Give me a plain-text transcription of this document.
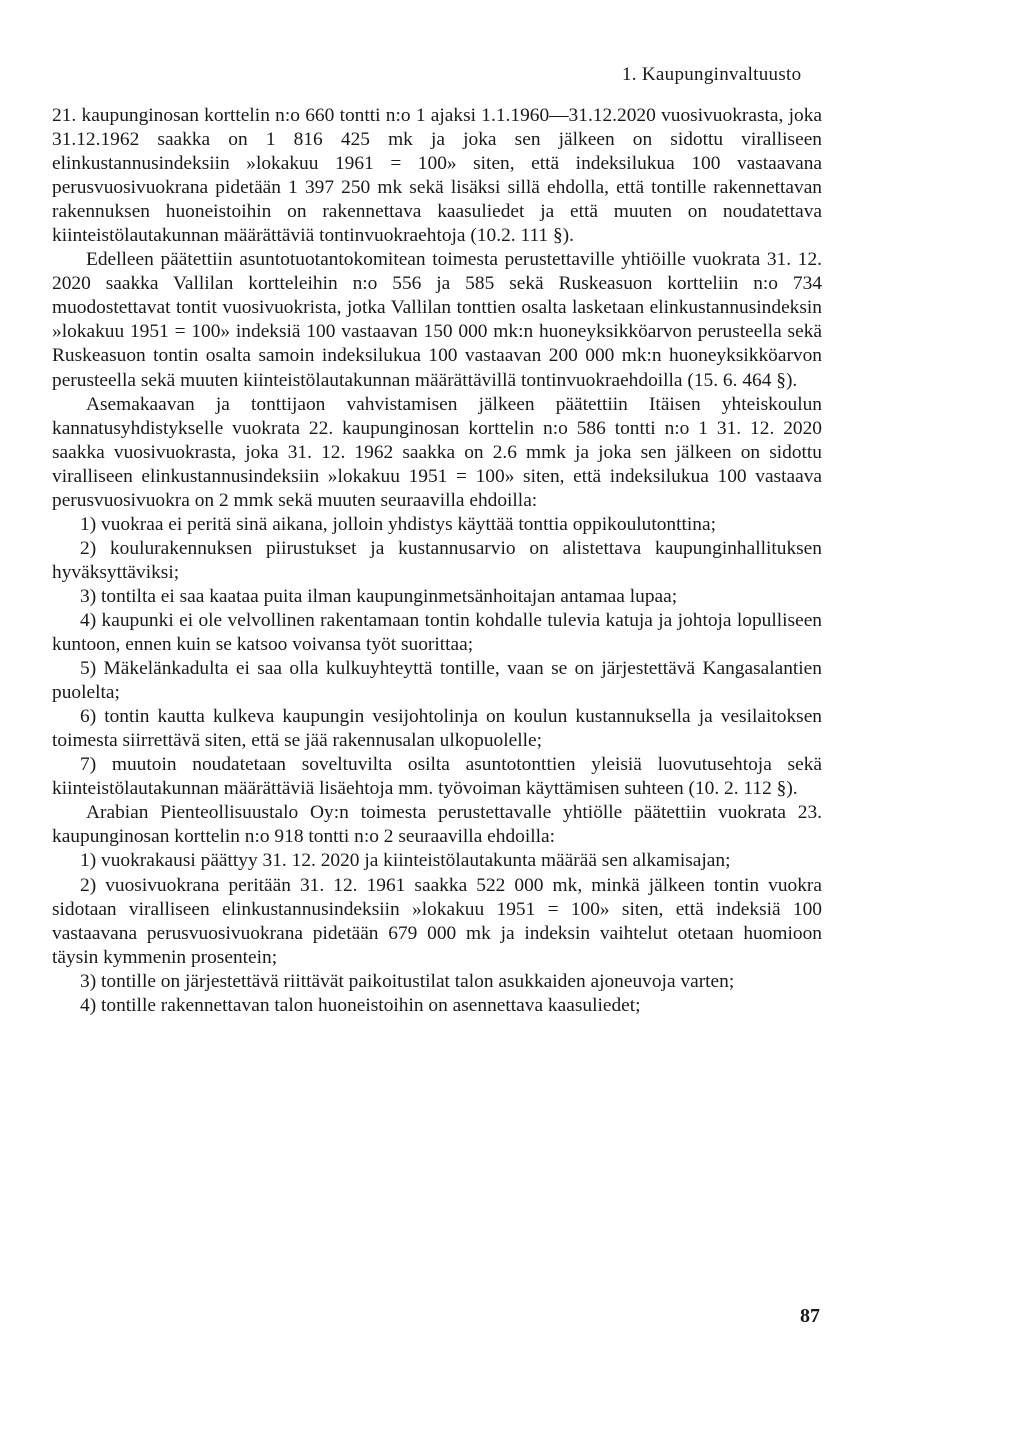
1. Kaupunginvaltuusto

21. kaupunginosan korttelin n:o 660 tontti n:o 1 ajaksi 1.1.1960—31.12.2020 vuosivuokrasta, joka 31.12.1962 saakka on 1 816 425 mk ja joka sen jälkeen on sidottu viralliseen elinkustannusindeksiin »lokakuu 1961 = 100» siten, että indeksilukua 100 vastaavana perusvuosivuokrana pidetään 1 397 250 mk sekä lisäksi sillä ehdolla, että tontille rakennettavan rakennuksen huoneistoihin on rakennettava kaasuliedet ja että muuten on noudatettava kiinteistölautakunnan määrättäviä tontinvuokraehtoja (10.2. 111 §).

Edelleen päätettiin asuntotuotantokomitean toimesta perustettaville yhtiöille vuokrata 31. 12. 2020 saakka Vallilan kortteleihin n:o 556 ja 585 sekä Ruskeasuon kortteliin n:o 734 muodostettavat tontit vuosivuokrista, jotka Vallilan tonttien osalta lasketaan elinkustannusindeksin »lokakuu 1951 = 100» indeksiä 100 vastaavan 150 000 mk:n huoneyksikköarvon perusteella sekä Ruskeasuon tontin osalta samoin indeksilukua 100 vastaavan 200 000 mk:n huoneyksikköarvon perusteella sekä muuten kiinteistölautakunnan määrättävillä tontinvuokraehdoilla (15. 6. 464 §).

Asemakaavan ja tonttijaon vahvistamisen jälkeen päätettiin Itäisen yhteiskoulun kannatusyhdistykselle vuokrata 22. kaupunginosan korttelin n:o 586 tontti n:o 1 31. 12. 2020 saakka vuosivuokrasta, joka 31. 12. 1962 saakka on 2.6 mmk ja joka sen jälkeen on sidottu viralliseen elinkustannusindeksiin »lokakuu 1951 = 100» siten, että indeksilukua 100 vastaava perusvuosivuokra on 2 mmk sekä muuten seuraavilla ehdoilla:

1) vuokraa ei peritä sinä aikana, jolloin yhdistys käyttää tonttia oppikoulutonttina;

2) koulurakennuksen piirustukset ja kustannusarvio on alistettava kaupunginhallituksen hyväksyttäviksi;

3) tontilta ei saa kaataa puita ilman kaupunginmetsänhoitajan antamaa lupaa;

4) kaupunki ei ole velvollinen rakentamaan tontin kohdalle tulevia katuja ja johtoja lopulliseen kuntoon, ennen kuin se katsoo voivansa työt suorittaa;

5) Mäkelänkadulta ei saa olla kulkuyhteyttä tontille, vaan se on järjestettävä Kangasalantien puolelta;

6) tontin kautta kulkeva kaupungin vesijohtolinja on koulun kustannuksella ja vesilaitoksen toimesta siirrettävä siten, että se jää rakennusalan ulkopuolelle;

7) muutoin noudatetaan soveltuvilta osilta asuntotonttien yleisiä luovutusehtoja sekä kiinteistölautakunnan määrättäviä lisäehtoja mm. työvoiman käyttämisen suhteen (10. 2. 112 §).

Arabian Pienteollisuustalo Oy:n toimesta perustettavalle yhtiölle päätettiin vuokrata 23. kaupunginosan korttelin n:o 918 tontti n:o 2 seuraavilla ehdoilla:

1) vuokrakausi päättyy 31. 12. 2020 ja kiinteistölautakunta määrää sen alkamisajan;

2) vuosivuokrana peritään 31. 12. 1961 saakka 522 000 mk, minkä jälkeen tontin vuokra sidotaan viralliseen elinkustannusindeksiin »lokakuu 1951 = 100» siten, että indeksiä 100 vastaavana perusvuosivuokrana pidetään 679 000 mk ja indeksin vaihtelut otetaan huomioon täysin kymmenin prosentein;

3) tontille on järjestettävä riittävät paikoitustilat talon asukkaiden ajoneuvoja varten;

4) tontille rakennettavan talon huoneistoihin on asennettava kaasuliedet;

87
